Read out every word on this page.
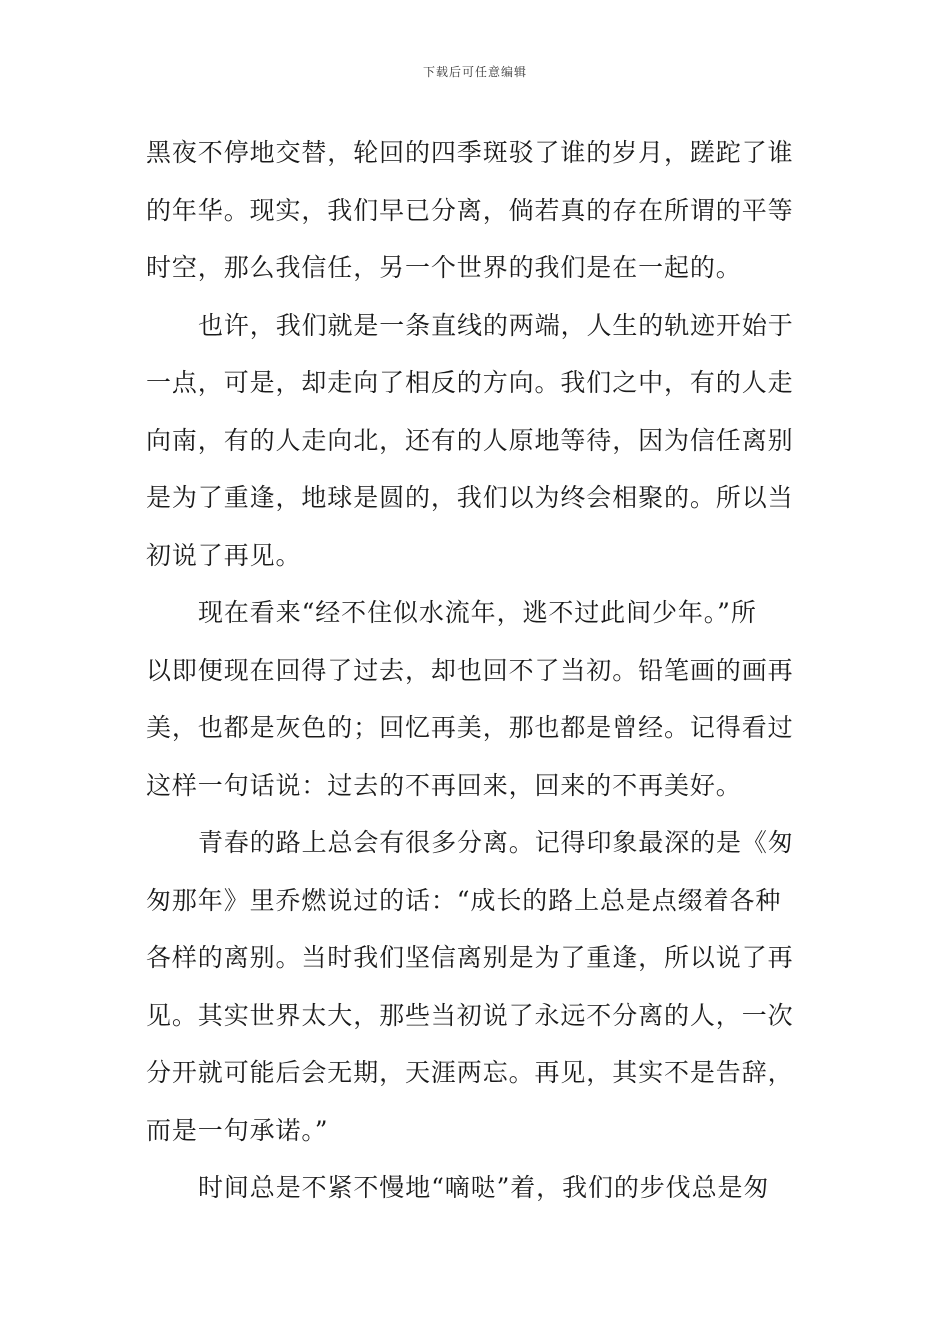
下载后可任意编辑
黑夜不停地交替，轮回的四季斑驳了谁的岁月，蹉跎了谁
的年华。现实，我们早已分离，倘若真的存在所谓的平等
时空，那么我信任，另一个世界的我们是在一起的。
也许，我们就是一条直线的两端，人生的轨迹开始于
一点，可是，却走向了相反的方向。我们之中，有的人走
向南，有的人走向北，还有的人原地等待，因为信任离别
是为了重逢，地球是圆的，我们以为终会相聚的。所以当
初说了再见。
现在看来“经不住似水流年，逃不过此间少年。”所
以即便现在回得了过去，却也回不了当初。铅笔画的画再
美，也都是灰色的；回忆再美，那也都是曾经。记得看过
这样一句话说：过去的不再回来，回来的不再美好。
青春的路上总会有很多分离。记得印象最深的是《匆
匆那年》里乔燃说过的话：“成长的路上总是点缀着各种
各样的离别。当时我们坚信离别是为了重逢，所以说了再
见。其实世界太大，那些当初说了永远不分离的人，一次
分开就可能后会无期，天涯两忘。再见，其实不是告辞，
而是一句承诺。”
时间总是不紧不慢地“嘀哒”着，我们的步伐总是匆
